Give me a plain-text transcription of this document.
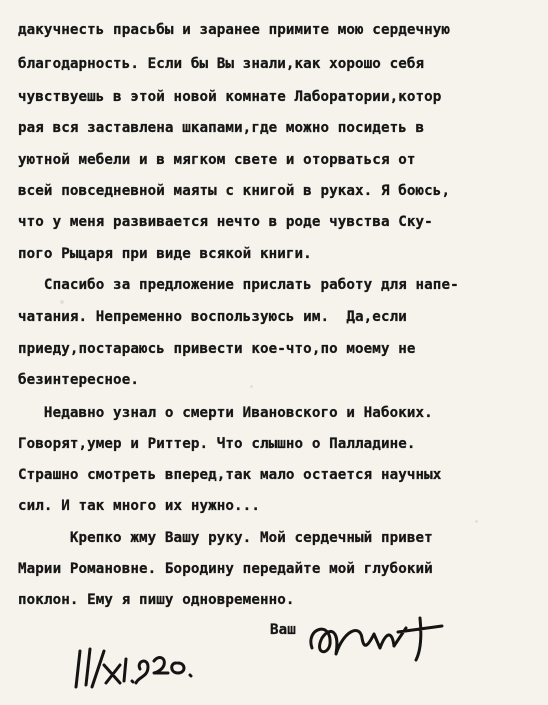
дакучнесть прасьбы и заранее примите мою сердечную
благодарность. Если бы Вы знали,как хорошо себя
чувствуешь в этой новой комнате Лаборатории,котор
рая вся заставлена шкапами,где можно посидеть в
уютной мебели и в мягком свете и оторваться от
всей повседневной маяты с книгой в руках. Я боюсь,
что у меня развивается нечто в роде чувства Ску-
пого Рыцаря при виде всякой книги.
Спасибо за предложение прислать работу для напе-
чатания. Непременно воспользуюсь им.  Да,если
приеду,постараюсь привести кое-что,по моему не
безинтересное.
Недавно узнал о смерти Ивановского и Набоких.
Говорят,умер и Риттер. Что слышно о Палладине.
Страшно смотреть вперед,так мало остается научных
сил. И так много их нужно...
Крепко жму Вашу руку. Мой сердечный привет
Марии Романовне. Бородину передайте мой глубокий
поклон. Ему я пишу одновременно.
Ваш
